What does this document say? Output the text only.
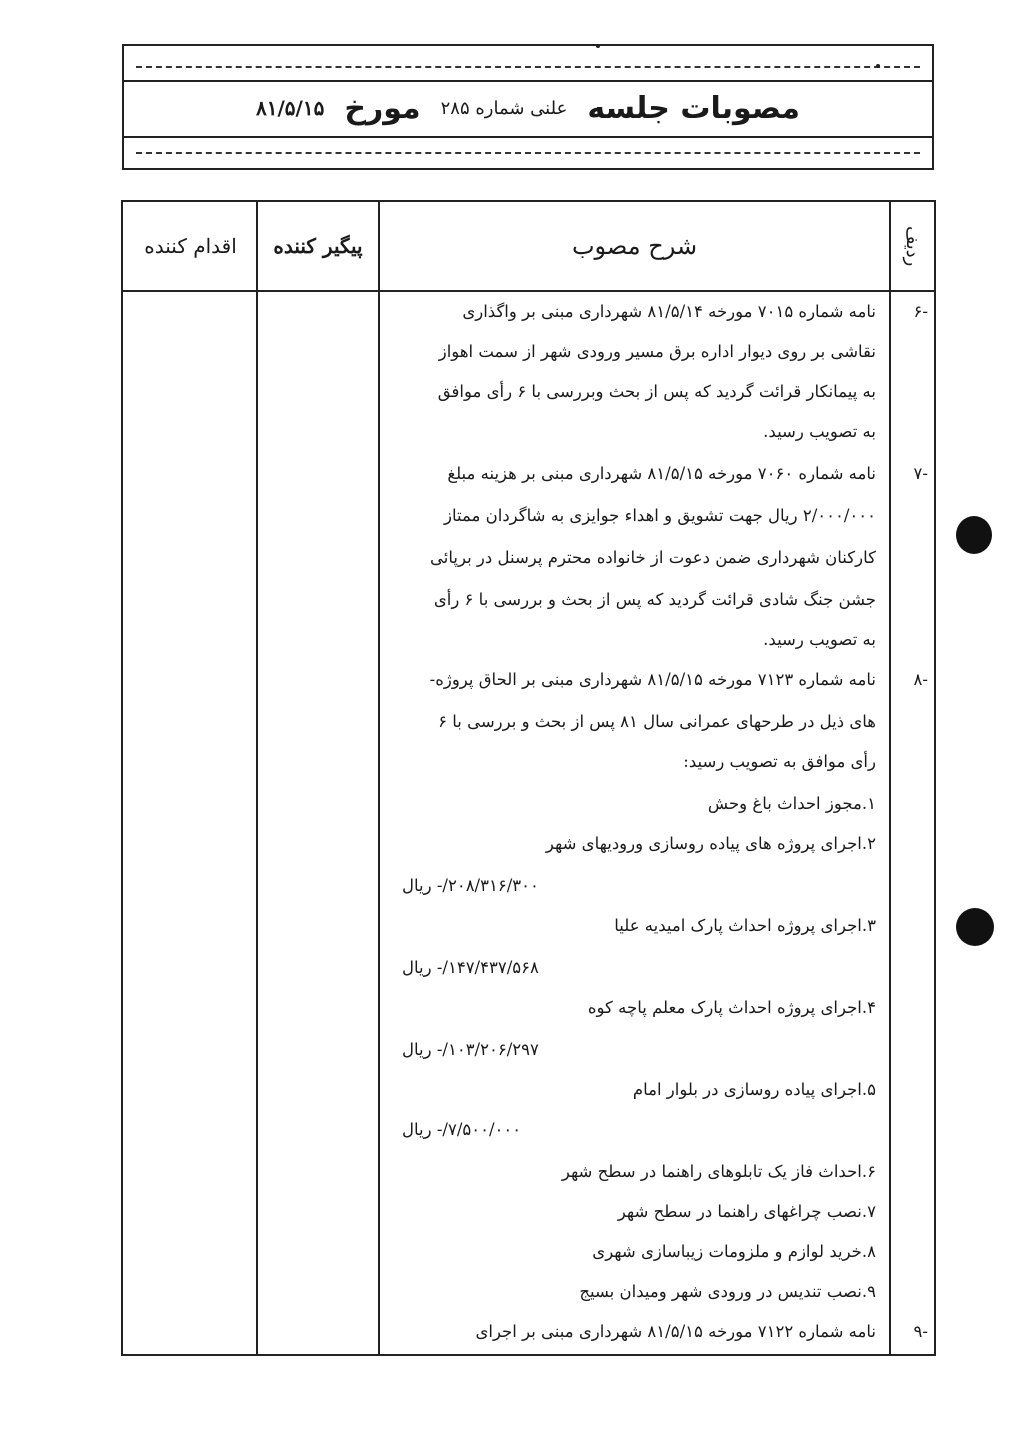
مصوبات جلسه
علنی شماره ۲۸۵
مورخ
۸۱/۵/۱۵
اقدام کننده	پیگیر کننده	شرح مصوب	ردیف
-۶
نامه شماره ۷۰۱۵ مورخه ۸۱/۵/۱۴ شهرداری مبنی بر واگذاری
نقاشی بر روی دیوار اداره برق مسیر ورودی شهر از سمت اهواز
به پیمانکار قرائت گردید که پس از بحث وبررسی با ۶ رأی موافق
به تصویب رسید.
-۷
نامه شماره ۷۰۶۰ مورخه ۸۱/۵/۱۵ شهرداری مبنی بر هزینه مبلغ
۲/۰۰۰/۰۰۰ ریال جهت تشویق و اهداء جوایزی به شاگردان ممتاز
کارکنان شهرداری ضمن دعوت از خانواده محترم پرسنل در برپائی
جشن جنگ شادی قرائت گردید که پس از بحث و بررسی با ۶ رأی
به تصویب رسید.
-۸
نامه شماره ۷۱۲۳ مورخه ۸۱/۵/۱۵ شهرداری مبنی بر الحاق پروژه-
های ذیل در طرحهای عمرانی سال ۸۱ پس از بحث و بررسی با ۶
رأی موافق به تصویب رسید:
۱.مجوز احداث باغ وحش
۲.اجرای پروژه های پیاده روسازی ورودیهای شهر
۲۰۸/۳۱۶/۳۰۰/- ریال
۳.اجرای پروژه احداث پارک امیدیه علیا
۱۴۷/۴۳۷/۵۶۸/- ریال
۴.اجرای پروژه احداث پارک معلم پاچه کوه
۱۰۳/۲۰۶/۲۹۷/- ریال
۵.اجرای پیاده روسازی در بلوار امام
۷/۵۰۰/۰۰۰/- ریال
۶.احداث فاز یک تابلوهای راهنما در سطح شهر
۷.نصب چراغهای راهنما در سطح شهر
۸.خرید لوازم و ملزومات زیباسازی شهری
۹.نصب تندیس در ورودی شهر ومیدان بسیج
-۹
نامه شماره ۷۱۲۲ مورخه ۸۱/۵/۱۵ شهرداری مبنی بر اجرای
